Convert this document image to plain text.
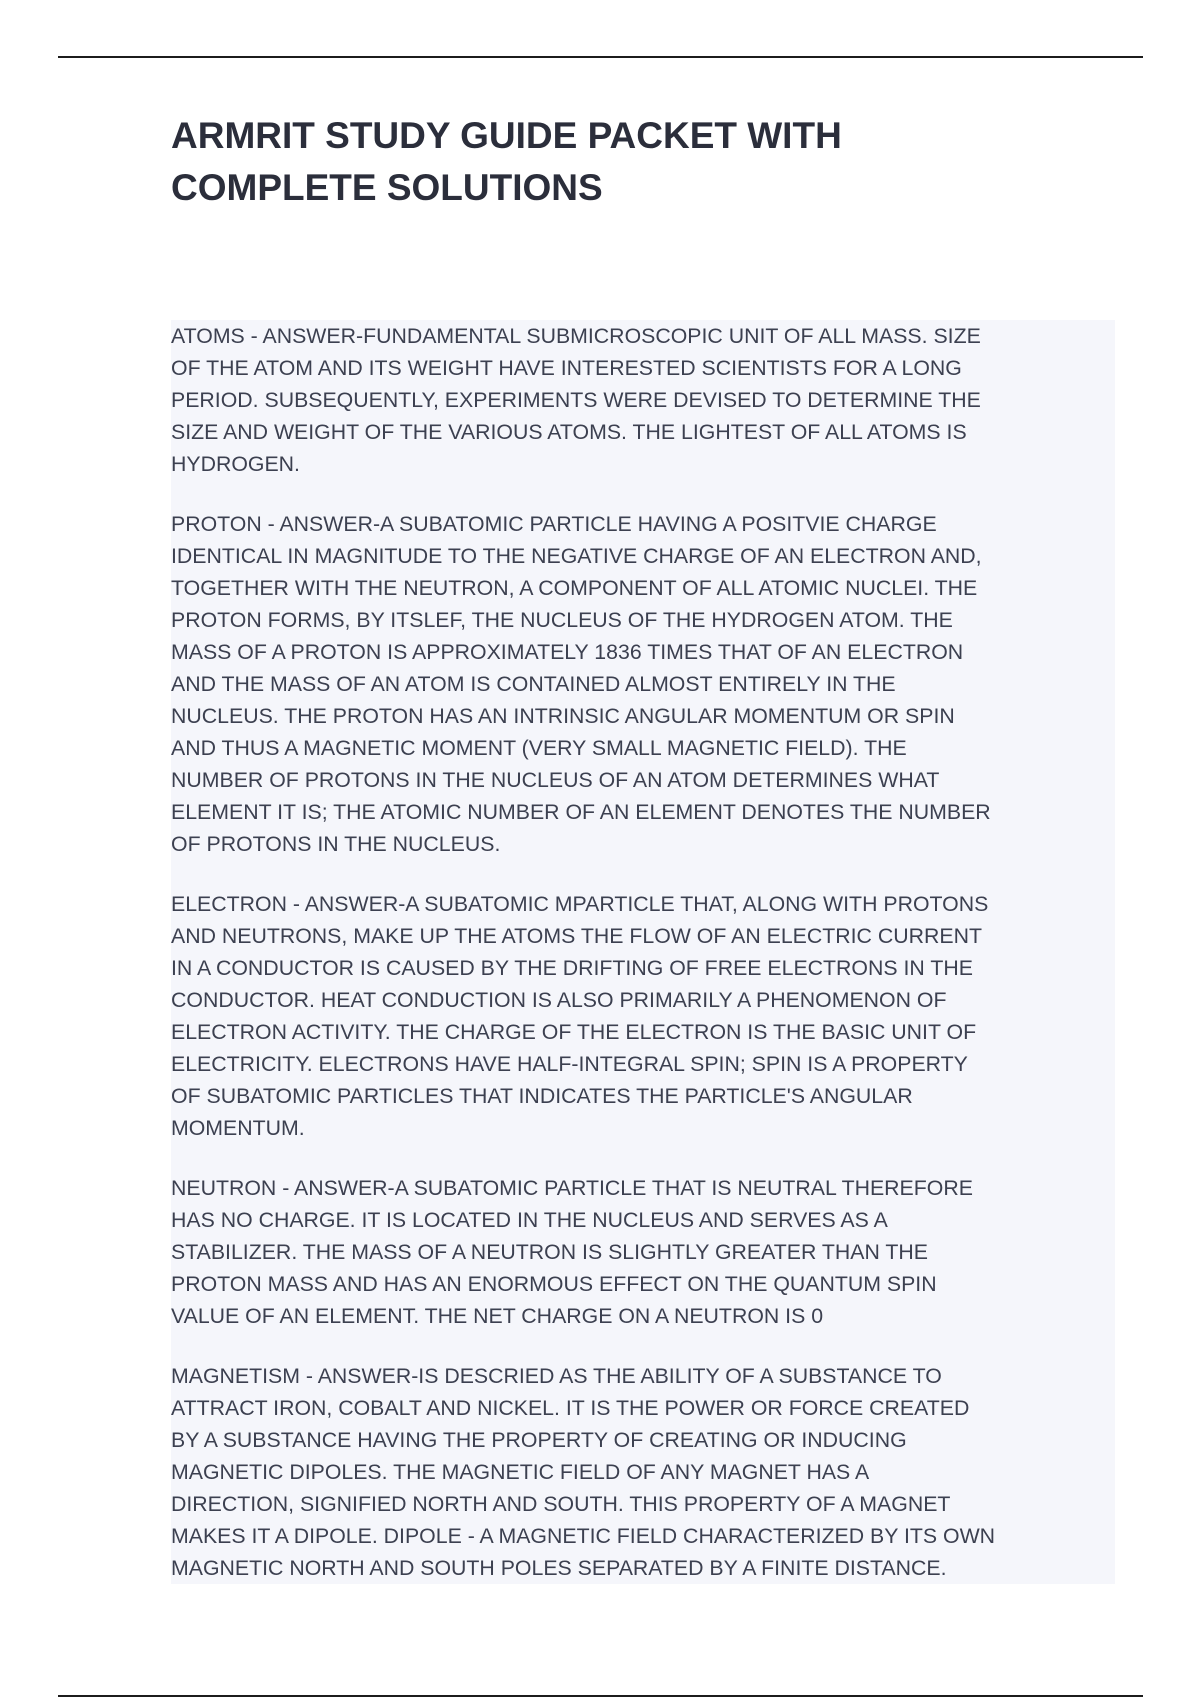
ARMRIT STUDY GUIDE PACKET WITH
COMPLETE SOLUTIONS

ATOMS - ANSWER-FUNDAMENTAL SUBMICROSCOPIC UNIT OF ALL MASS. SIZE
OF THE ATOM AND ITS WEIGHT HAVE INTERESTED SCIENTISTS FOR A LONG
PERIOD. SUBSEQUENTLY, EXPERIMENTS WERE DEVISED TO DETERMINE THE
SIZE AND WEIGHT OF THE VARIOUS ATOMS. THE LIGHTEST OF ALL ATOMS IS
HYDROGEN.

PROTON - ANSWER-A SUBATOMIC PARTICLE HAVING A POSITVIE CHARGE
IDENTICAL IN MAGNITUDE TO THE NEGATIVE CHARGE OF AN ELECTRON AND,
TOGETHER WITH THE NEUTRON, A COMPONENT OF ALL ATOMIC NUCLEI. THE
PROTON FORMS, BY ITSLEF, THE NUCLEUS OF THE HYDROGEN ATOM. THE
MASS OF A PROTON IS APPROXIMATELY 1836 TIMES THAT OF AN ELECTRON
AND THE MASS OF AN ATOM IS CONTAINED ALMOST ENTIRELY IN THE
NUCLEUS. THE PROTON HAS AN INTRINSIC ANGULAR MOMENTUM OR SPIN
AND THUS A MAGNETIC MOMENT (VERY SMALL MAGNETIC FIELD). THE
NUMBER OF PROTONS IN THE NUCLEUS OF AN ATOM DETERMINES WHAT
ELEMENT IT IS; THE ATOMIC NUMBER OF AN ELEMENT DENOTES THE NUMBER
OF PROTONS IN THE NUCLEUS.

ELECTRON - ANSWER-A SUBATOMIC MPARTICLE THAT, ALONG WITH PROTONS
AND NEUTRONS, MAKE UP THE ATOMS THE FLOW OF AN ELECTRIC CURRENT
IN A CONDUCTOR IS CAUSED BY THE DRIFTING OF FREE ELECTRONS IN THE
CONDUCTOR. HEAT CONDUCTION IS ALSO PRIMARILY A PHENOMENON OF
ELECTRON ACTIVITY. THE CHARGE OF THE ELECTRON IS THE BASIC UNIT OF
ELECTRICITY. ELECTRONS HAVE HALF-INTEGRAL SPIN; SPIN IS A PROPERTY
OF SUBATOMIC PARTICLES THAT INDICATES THE PARTICLE'S ANGULAR
MOMENTUM.

NEUTRON - ANSWER-A SUBATOMIC PARTICLE THAT IS NEUTRAL THEREFORE
HAS NO CHARGE. IT IS LOCATED IN THE NUCLEUS AND SERVES AS A
STABILIZER. THE MASS OF A NEUTRON IS SLIGHTLY GREATER THAN THE
PROTON MASS AND HAS AN ENORMOUS EFFECT ON THE QUANTUM SPIN
VALUE OF AN ELEMENT. THE NET CHARGE ON A NEUTRON IS 0

MAGNETISM - ANSWER-IS DESCRIED AS THE ABILITY OF A SUBSTANCE TO
ATTRACT IRON, COBALT AND NICKEL. IT IS THE POWER OR FORCE CREATED
BY A SUBSTANCE HAVING THE PROPERTY OF CREATING OR INDUCING
MAGNETIC DIPOLES. THE MAGNETIC FIELD OF ANY MAGNET HAS A
DIRECTION, SIGNIFIED NORTH AND SOUTH. THIS PROPERTY OF A MAGNET
MAKES IT A DIPOLE. DIPOLE - A MAGNETIC FIELD CHARACTERIZED BY ITS OWN
MAGNETIC NORTH AND SOUTH POLES SEPARATED BY A FINITE DISTANCE.
